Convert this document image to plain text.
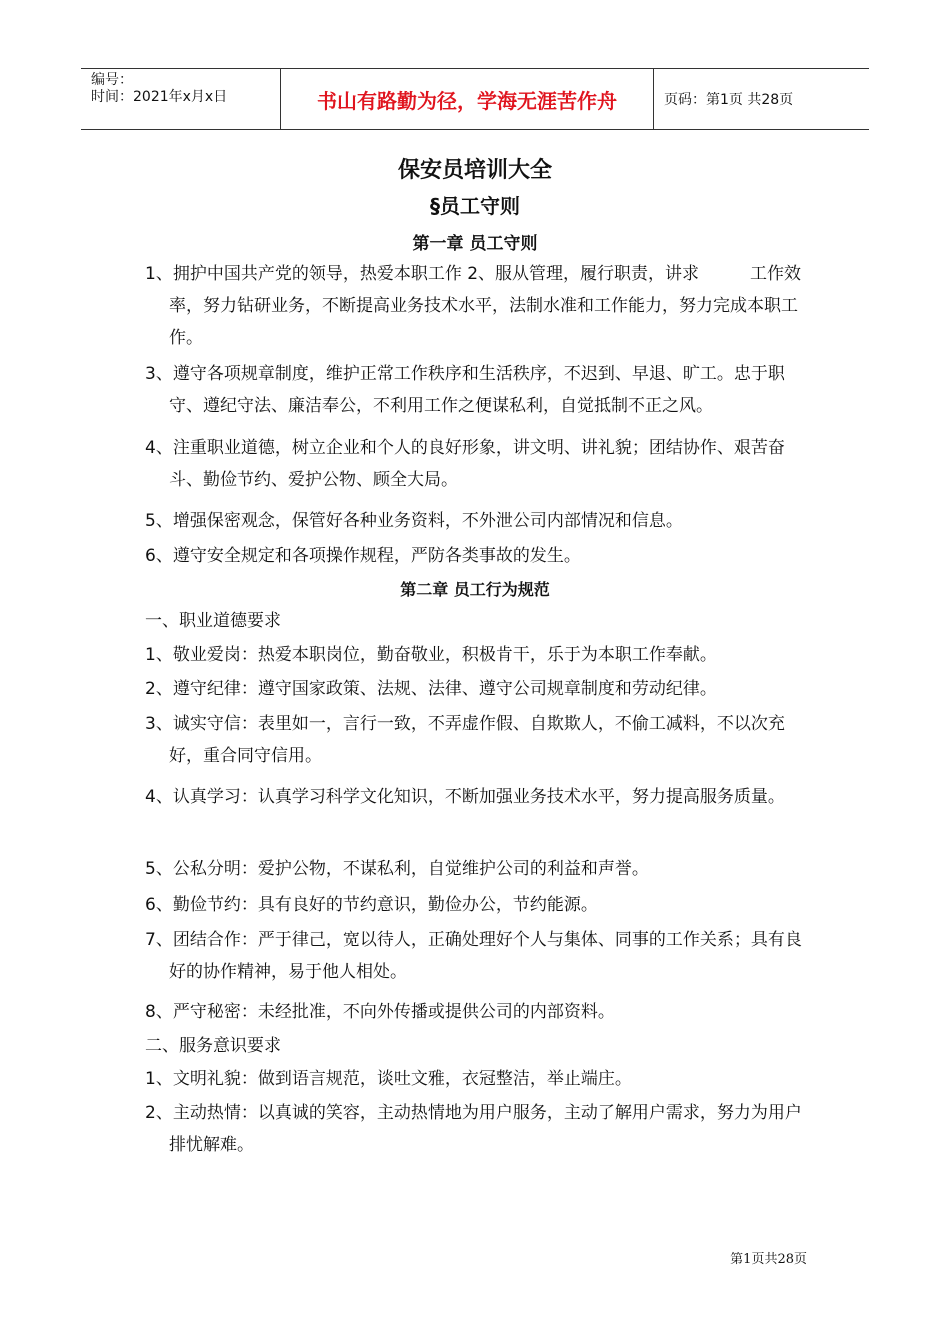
编号：
时间：2021年x月x日	书山有路勤为径，学海无涯苦作舟	页码：第1页 共28页
保安员培训大全
§员工守则
第一章 员工守则
1、拥护中国共产党的领导，热爱本职工作 2、服从管理，履行职责，讲求　　　工作效率，努力钻研业务，不断提高业务技术水平，法制水准和工作能力，努力完成本职工作。
3、遵守各项规章制度，维护正常工作秩序和生活秩序，不迟到、早退、旷工。忠于职守、遵纪守法、廉洁奉公，不利用工作之便谋私利，自觉抵制不正之风。
4、注重职业道德，树立企业和个人的良好形象，讲文明、讲礼貌；团结协作、艰苦奋斗、勤俭节约、爱护公物、顾全大局。
5、增强保密观念，保管好各种业务资料，不外泄公司内部情况和信息。
6、遵守安全规定和各项操作规程，严防各类事故的发生。
第二章 员工行为规范
一、职业道德要求
1、敬业爱岗：热爱本职岗位，勤奋敬业，积极肯干，乐于为本职工作奉献。
2、遵守纪律：遵守国家政策、法规、法律、遵守公司规章制度和劳动纪律。
3、诚实守信：表里如一，言行一致，不弄虚作假、自欺欺人，不偷工减料，不以次充好，重合同守信用。
4、认真学习：认真学习科学文化知识，不断加强业务技术水平，努力提高服务质量。
5、公私分明：爱护公物，不谋私利，自觉维护公司的利益和声誉。
6、勤俭节约：具有良好的节约意识，勤俭办公，节约能源。
7、团结合作：严于律己，宽以待人，正确处理好个人与集体、同事的工作关系；具有良好的协作精神，易于他人相处。
8、严守秘密：未经批准，不向外传播或提供公司的内部资料。
二、服务意识要求
1、文明礼貌：做到语言规范，谈吐文雅，衣冠整洁，举止端庄。
2、主动热情：以真诚的笑容，主动热情地为用户服务，主动了解用户需求，努力为用户排忧解难。
第1页共28页
